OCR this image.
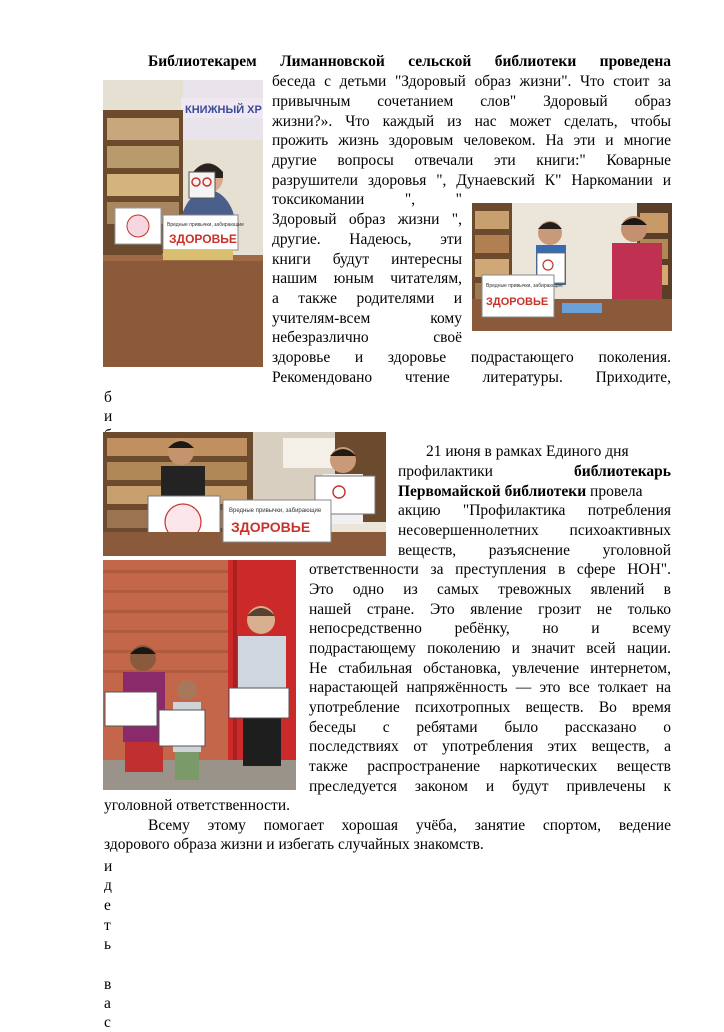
Библиотекарем Лиманновской сельской библиотеки проведена
беседа с детьми "Здоровый образ жизни". Что стоит за
привычным сочетанием слов" Здоровый образ
жизни?». Что каждый из нас может сделать, чтобы
прожить жизнь здоровым человеком. На эти и многие
другие вопросы отвечали эти книги:" Коварные
разрушители здоровья ", Дунаевский К" Наркомании и
токсикомании ", "
Здоровый образ жизни ",
другие. Надеюсь, эти
книги будут интересны
нашим юным читателям,
а также родителями и
учителям-всем кому
небезразлично своё
здоровье и здоровье подрастающего поколения.
Рекомендовано чтение литературы. Приходите,
б
и
КНИЖНЫЙ ХР
Вредные привычки, забирающие
ЗДОРОВЬЕ
Вредные привычки, забирающие
ЗДОРОВЬЕ
Вредные привычки, забирающие
ЗДОРОВЬЕ
21 июня в рамках Единого дня
профилактики	библиотекарь
Первомайской библиотеки провела
акцию "Профилактика потребления
несовершеннолетних психоактивных
веществ, разъяснение уголовной
ответственности за преступления в сфере НОН".
Это одно из самых тревожных явлений в
нашей стране. Это явление грозит не только
непосредственно ребёнку, но и всему
подрастающему поколению и значит всей нации.
Не стабильная обстановка, увлечение интернетом,
нарастающей напряжённость — это все толкает на
употребление психотропных веществ. Во время
беседы с ребятами было рассказано о
последствиях от употребления этих веществ, а
также распространение наркотических веществ
преследуется законом и будут привлечены к
уголовной ответственности.
Всему этому помогает хорошая учёба, занятие спортом, ведение
здорового образа жизни и избегать случайных знакомств.
и
д
е
т
ь
в
а
с
